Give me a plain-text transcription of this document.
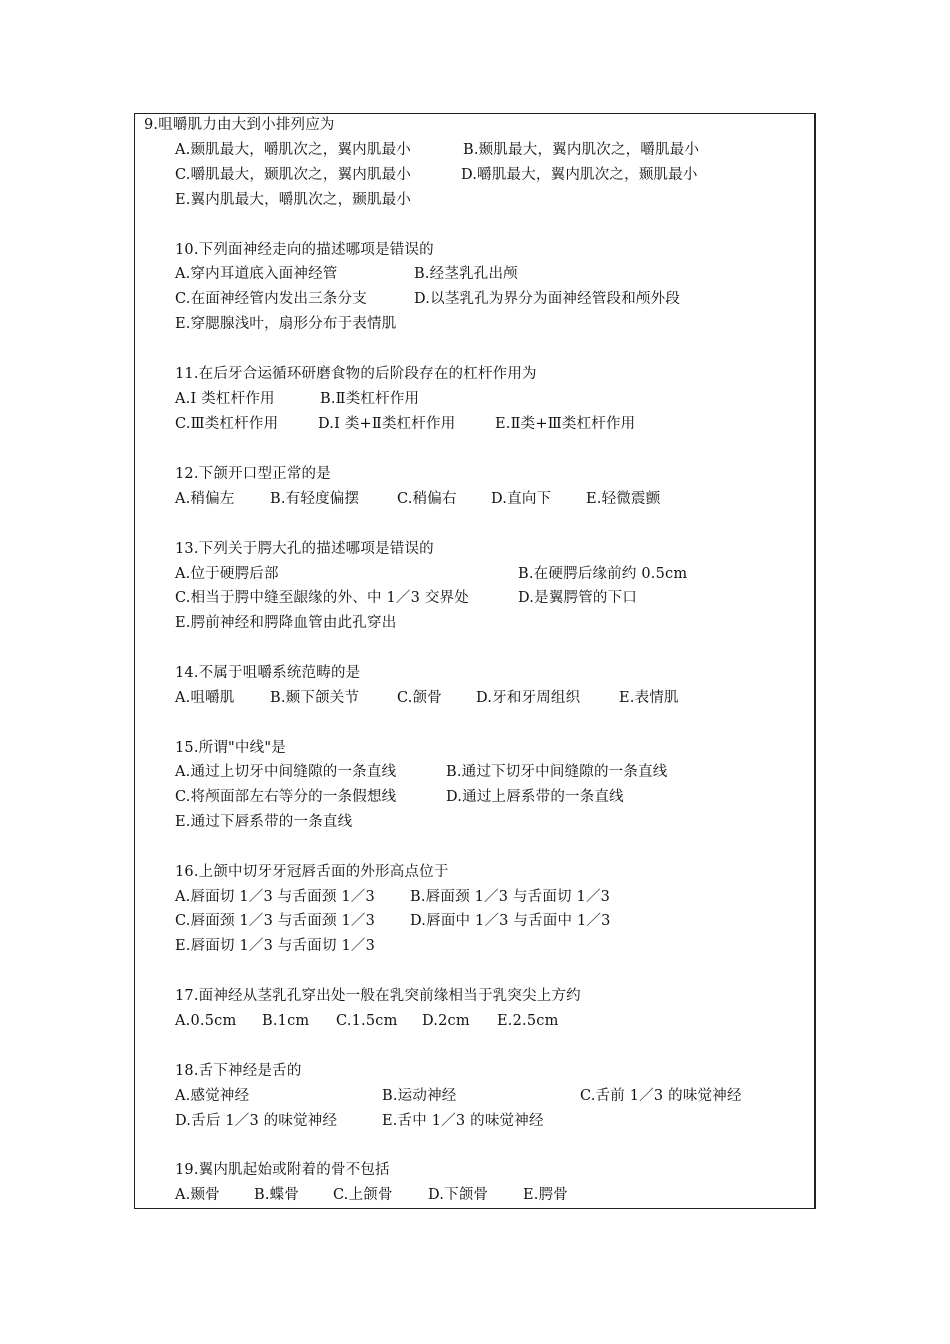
9.咀嚼肌力由大到小排列应为
A.颞肌最大，嚼肌次之，翼内肌最小	B.颞肌最大，翼内肌次之，嚼肌最小
C.嚼肌最大，颞肌次之，翼内肌最小	D.嚼肌最大，翼内肌次之，颞肌最小
E.翼内肌最大，嚼肌次之，颞肌最小
10.下列面神经走向的描述哪项是错误的
A.穿内耳道底入面神经管	B.经茎乳孔出颅
C.在面神经管内发出三条分支	D.以茎乳孔为界分为面神经管段和颅外段
E.穿腮腺浅叶，扇形分布于表情肌
11.在后牙合运循环研磨食物的后阶段存在的杠杆作用为
A.I 类杠杆作用	B.Ⅱ类杠杆作用
C.Ⅲ类杠杆作用	D.I 类+Ⅱ类杠杆作用	E.Ⅱ类+Ⅲ类杠杆作用
12.下颌开口型正常的是
A.稍偏左 B.有轻度偏摆	C.稍偏右 D.直向下 E.轻微震颤
13.下列关于腭大孔的描述哪项是错误的
A.位于硬腭后部	B.在硬腭后缘前约 0.5cm
C.相当于腭中缝至龈缘的外、中 1／3 交界处	D.是翼腭管的下口
E.腭前神经和腭降血管由此孔穿出
14.不属于咀嚼系统范畴的是
A.咀嚼肌 B.颞下颌关节	C.颌骨 D.牙和牙周组织	E.表情肌
15.所谓"中线"是
A.通过上切牙中间缝隙的一条直线	B.通过下切牙中间缝隙的一条直线
C.将颅面部左右等分的一条假想线	D.通过上唇系带的一条直线
E.通过下唇系带的一条直线
16.上颌中切牙牙冠唇舌面的外形高点位于
A.唇面切 1／3 与舌面颈 1／3 B.唇面颈 1／3 与舌面切 1／3
C.唇面颈 1／3 与舌面颈 1／3 D.唇面中 1／3 与舌面中 1／3
E.唇面切 1／3 与舌面切 1／3
17.面神经从茎乳孔穿出处一般在乳突前缘相当于乳突尖上方约
A.0.5cm B.1cm C.1.5cm D.2cm E.2.5cm
18.舌下神经是舌的
A.感觉神经	B.运动神经	C.舌前 1／3 的味觉神经
D.舌后 1／3 的味觉神经	E.舌中 1／3 的味觉神经
19.翼内肌起始或附着的骨不包括
A.颞骨 B.蝶骨 C.上颌骨 D.下颌骨 E.腭骨
